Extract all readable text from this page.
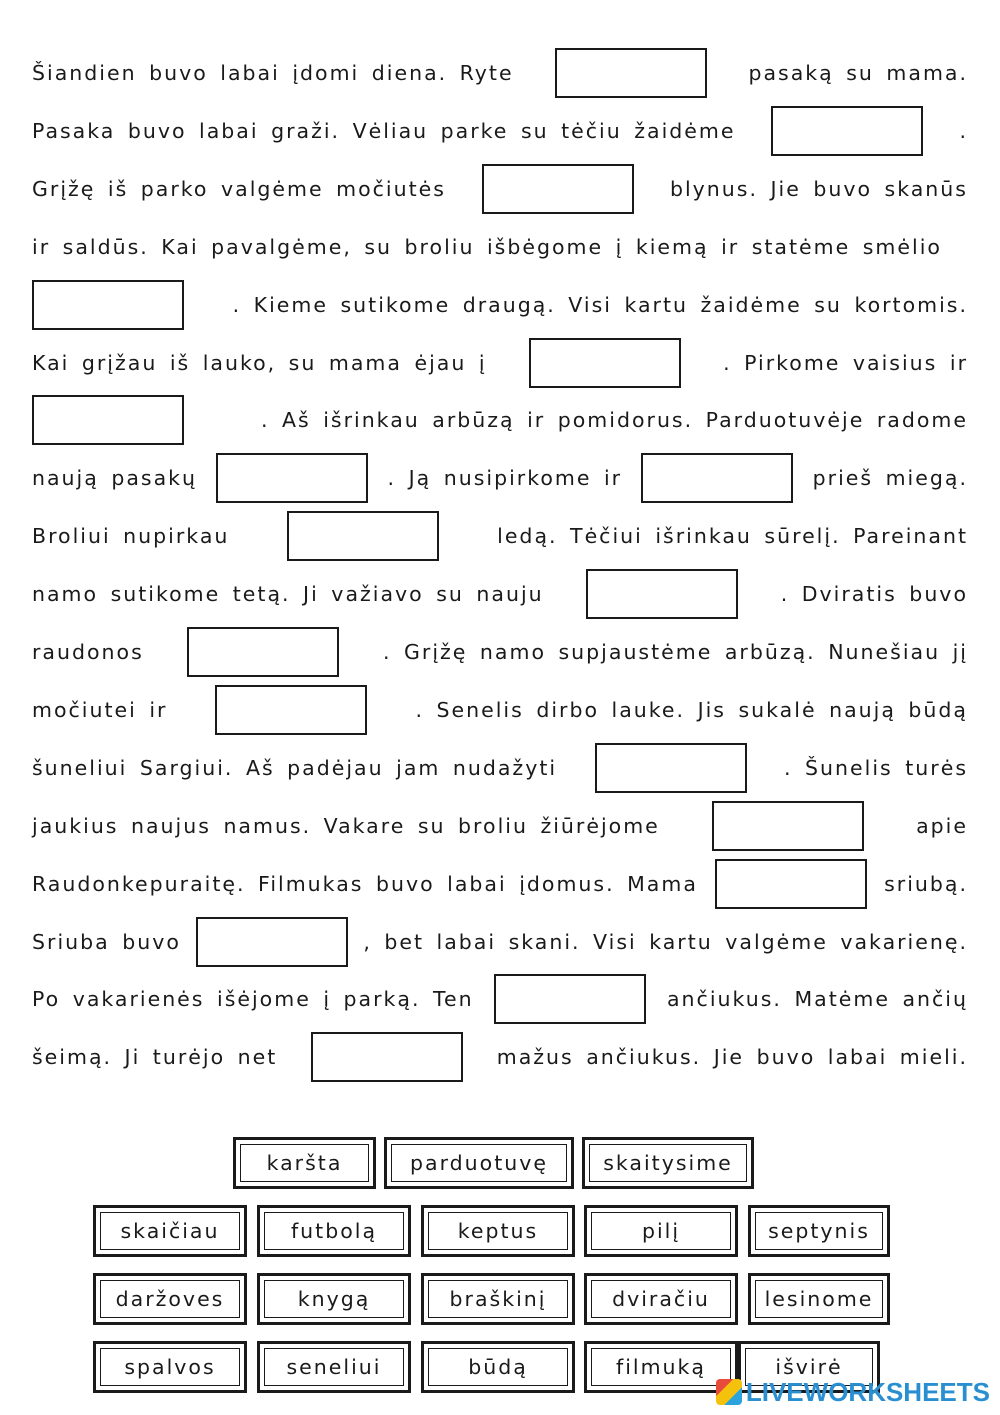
Šiandien buvo labai įdomi diena. Ryte	pasaką su mama.
Pasaka buvo labai graži. Vėliau parke su tėčiu žaidėme	.
Grįžę iš parko valgėme močiutės	blynus. Jie buvo skanūs
ir saldūs. Kai pavalgėme, su broliu išbėgome į kiemą ir statėme smėlio
. Kieme sutikome draugą. Visi kartu žaidėme su kortomis.
Kai grįžau iš lauko, su mama ėjau į	. Pirkome vaisius ir
. Aš išrinkau arbūzą ir pomidorus. Parduotuvėje radome
naują pasakų	. Ją nusipirkome ir	prieš miegą.
Broliui nupirkau	ledą. Tėčiui išrinkau sūrelį. Pareinant
namo sutikome tetą. Ji važiavo su nauju	. Dviratis buvo
raudonos	. Grįžę namo supjaustėme arbūzą. Nunešiau jį
močiutei ir	. Senelis dirbo lauke. Jis sukalė naują būdą
šuneliui Sargiui. Aš padėjau jam nudažyti	. Šunelis turės
jaukius naujus namus. Vakare su broliu žiūrėjome	apie
Raudonkepuraitę. Filmukas buvo labai įdomus. Mama	sriubą.
Sriuba buvo	, bet labai skani. Visi kartu valgėme vakarienę.
Po vakarienės išėjome į parką. Ten	ančiukus. Matėme ančių
šeimą. Ji turėjo net	mažus ančiukus. Jie buvo labai mieli.
karšta	parduotuvę	skaitysime
skaičiau	futbolą	keptus	pilį	septynis
daržoves	knygą	braškinį	dviračiu	lesinome
spalvos	seneliui	būdą	filmuką	išvirė
LIVEWORKSHEETS
